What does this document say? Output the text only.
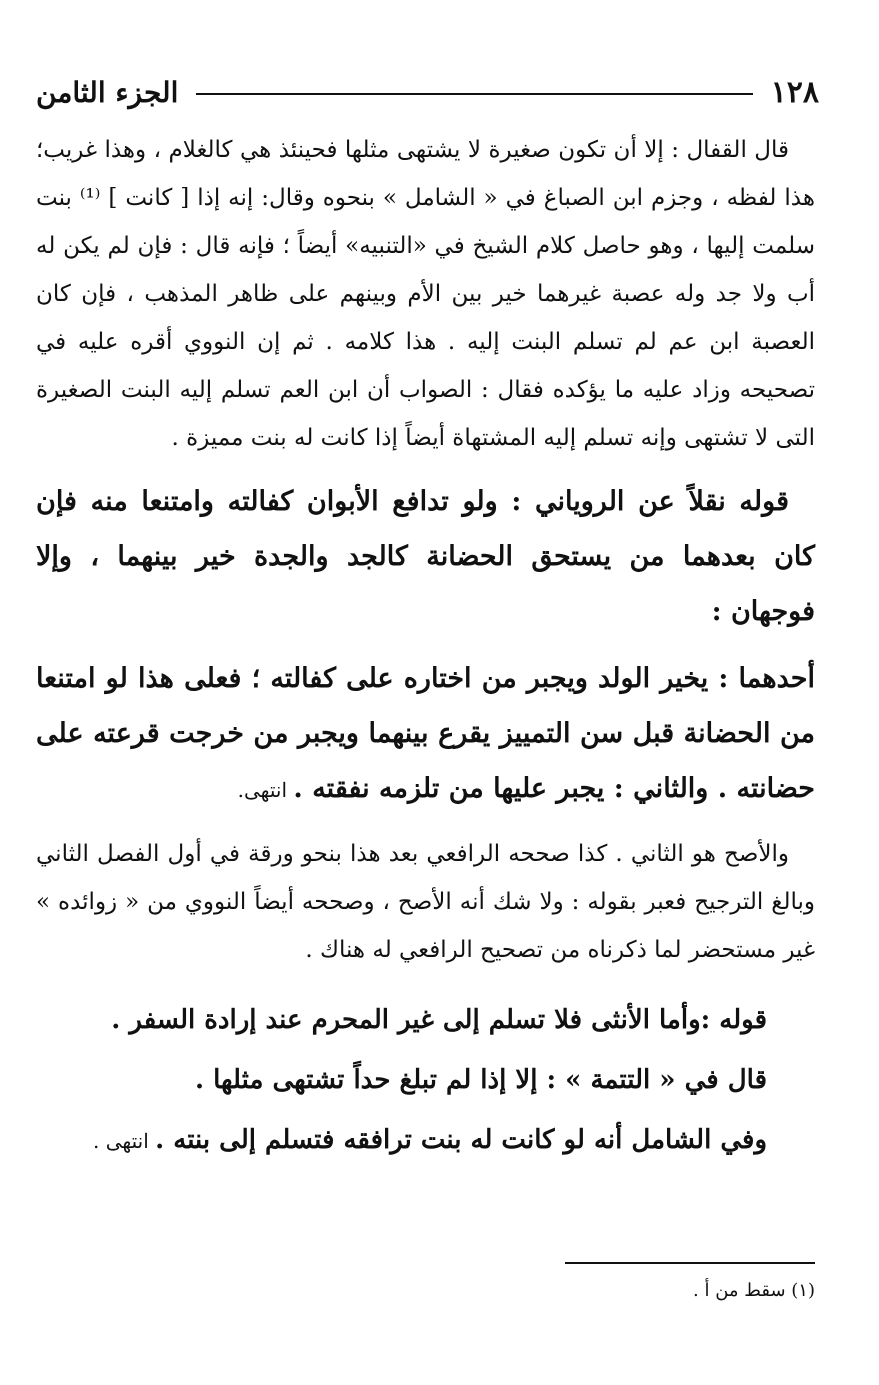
١٢٨
الجزء الثامن

قال القفال : إلا أن تكون صغيرة لا يشتهى مثلها فحينئذ هي كالغلام ، وهذا غريب؛ هذا لفظه ، وجزم ابن الصباغ في « الشامل » بنحوه وقال: إنه إذا [ كانت ] ⁽¹⁾ بنت سلمت إليها ، وهو حاصل كلام الشيخ في «التنبيه» أيضاً ؛ فإنه قال : فإن لم يكن له أب ولا جد وله عصبة غيرهما خير بين الأم وبينهم على ظاهر المذهب ، فإن كان العصبة ابن عم لم تسلم البنت إليه . هذا كلامه . ثم إن النووي أقره عليه في تصحيحه وزاد عليه ما يؤكده فقال : الصواب أن ابن العم تسلم إليه البنت الصغيرة التى لا تشتهى وإنه تسلم إليه المشتهاة أيضاً إذا كانت له بنت مميزة .

قوله نقلاً عن الروياني : ولو تدافع الأبوان كفالته وامتنعا منه فإن كان بعدهما من يستحق الحضانة كالجد والجدة خير بينهما ، وإلا فوجهان :

أحدهما : يخير الولد ويجبر من اختاره على كفالته ؛ فعلى هذا لو امتنعا من الحضانة قبل سن التمييز يقرع بينهما ويجبر من خرجت قرعته على حضانته . والثاني : يجبر عليها من تلزمه نفقته . انتهى.

والأصح هو الثاني . كذا صححه الرافعي بعد هذا بنحو ورقة في أول الفصل الثاني وبالغ الترجيح فعبر بقوله : ولا شك أنه الأصح ، وصححه أيضاً النووي من « زوائده » غير مستحضر لما ذكرناه من تصحيح الرافعي له هناك .

قوله :وأما الأنثى فلا تسلم إلى غير المحرم عند إرادة السفر .
قال في « التتمة » : إلا إذا لم تبلغ حداً تشتهى مثلها .
وفي الشامل أنه لو كانت له بنت ترافقه فتسلم إلى بنته . انتهى .
(١) سقط من أ .
